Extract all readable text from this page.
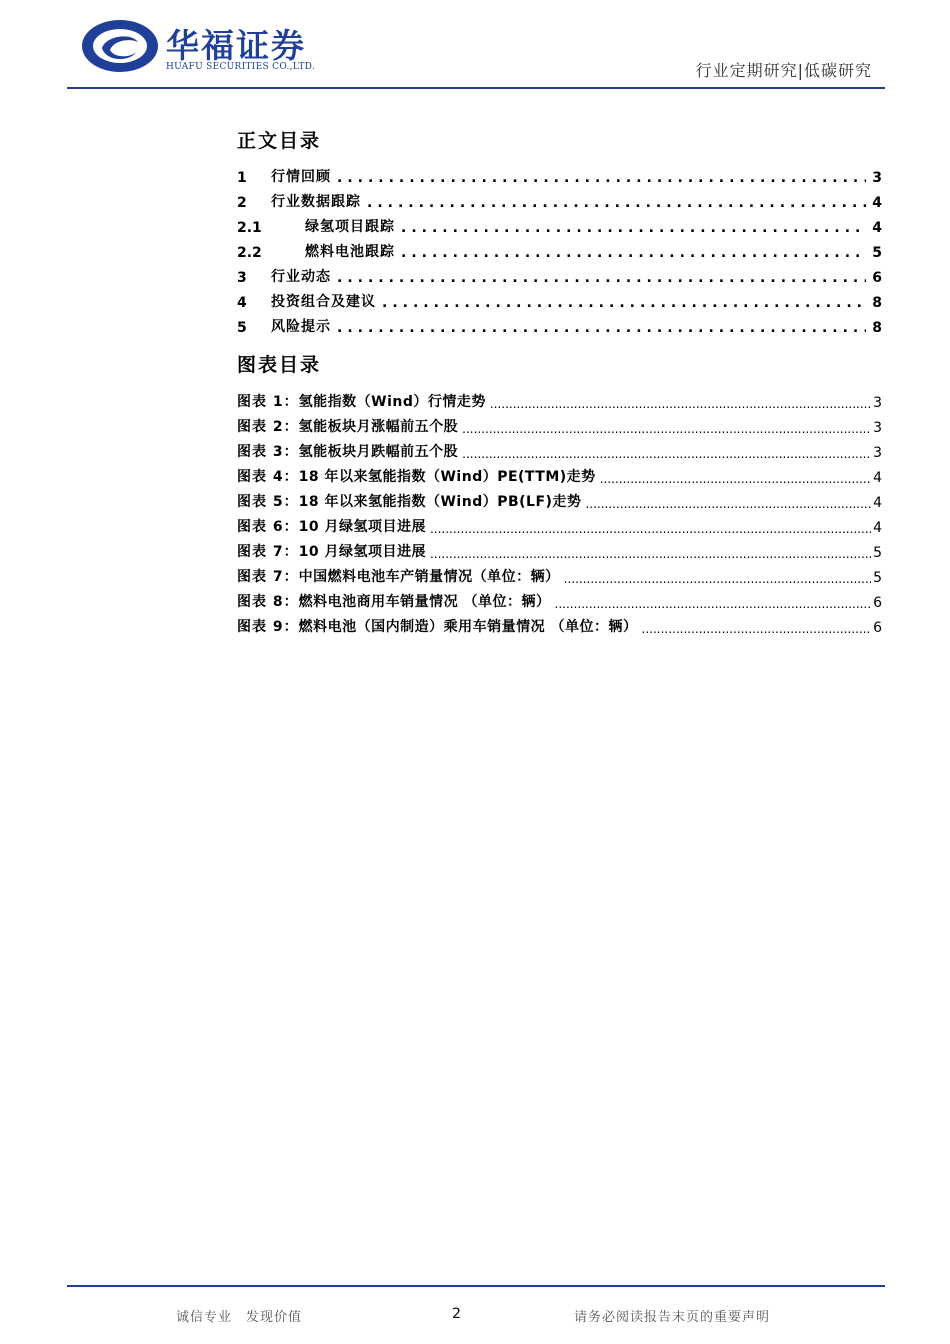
华福证券
HUAFU SECURITIES CO.,LTD.	行业定期研究|低碳研究
正文目录
1	行情回顾 .....	3
2	行业数据跟踪 .....	4
2.1	绿氢项目跟踪 .....	4
2.2	燃料电池跟踪 .....	5
3	行业动态 .....	6
4	投资组合及建议 .....	8
5	风险提示 .....	8
图表目录
图表 1： 氢能指数（Wind）行情走势 .....	3
图表 2： 氢能板块月涨幅前五个股 .....	3
图表 3： 氢能板块月跌幅前五个股 .....	3
图表 4： 18 年以来氢能指数（Wind）PE(TTM)走势 .....	4
图表 5： 18 年以来氢能指数（Wind）PB(LF)走势 .....	4
图表 6： 10 月绿氢项目进展 .....	4
图表 7： 10 月绿氢项目进展 .....	5
图表 7： 中国燃料电池车产销量情况（单位：辆） .....	5
图表 8： 燃料电池商用车销量情况 （单位：辆） .....	6
图表 9： 燃料电池（国内制造）乘用车销量情况 （单位：辆） .....	6
诚信专业　发现价值	2	请务必阅读报告末页的重要声明
